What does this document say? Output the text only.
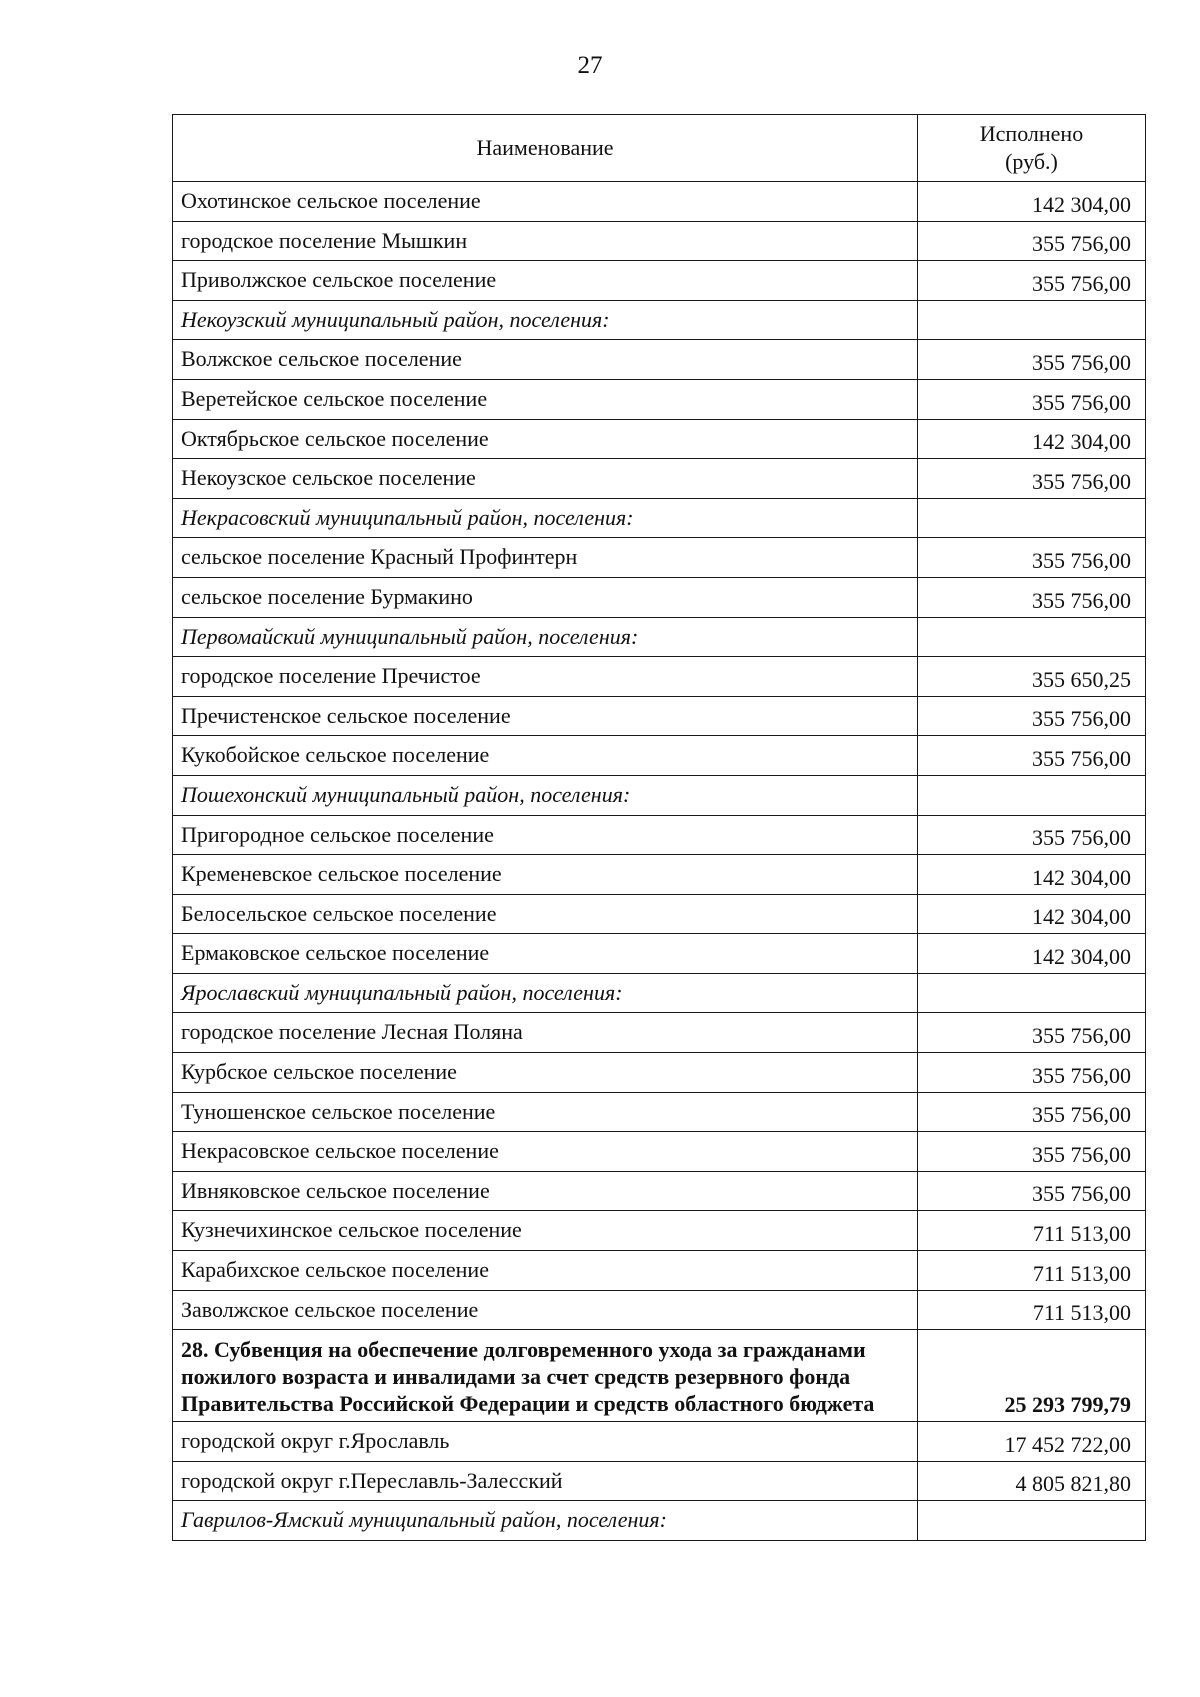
27
Наименование	Исполнено
(руб.)

Охотинское сельское поселение	142 304,00
городское поселение Мышкин	355 756,00
Приволжское сельское поселение	355 756,00
Некоузский муниципальный район, поселения:	
Волжское сельское поселение	355 756,00
Веретейское сельское поселение	355 756,00
Октябрьское сельское поселение	142 304,00
Некоузское сельское поселение	355 756,00
Некрасовский муниципальный район, поселения:	
сельское поселение Красный Профинтерн	355 756,00
сельское поселение Бурмакино	355 756,00
Первомайский муниципальный район, поселения:	
городское поселение Пречистое	355 650,25
Пречистенское сельское поселение	355 756,00
Кукобойское сельское поселение	355 756,00
Пошехонский муниципальный район, поселения:	
Пригородное сельское поселение	355 756,00
Кременевское сельское поселение	142 304,00
Белосельское сельское поселение	142 304,00
Ермаковское сельское поселение	142 304,00
Ярославский муниципальный район, поселения:	
городское поселение Лесная Поляна	355 756,00
Курбское сельское поселение	355 756,00
Туношенское сельское поселение	355 756,00
Некрасовское сельское поселение	355 756,00
Ивняковское сельское поселение	355 756,00
Кузнечихинское сельское поселение	711 513,00
Карабихское сельское поселение	711 513,00
Заволжское сельское поселение	711 513,00
28. Субвенция на обеспечение долговременного ухода за гражданами пожилого возраста и инвалидами за счет средств резервного фонда Правительства Российской Федерации и средств областного бюджета	25 293 799,79
городской округ г.Ярославль	17 452 722,00
городской округ г.Переславль-Залесский	4 805 821,80
Гаврилов-Ямский муниципальный район, поселения:	
